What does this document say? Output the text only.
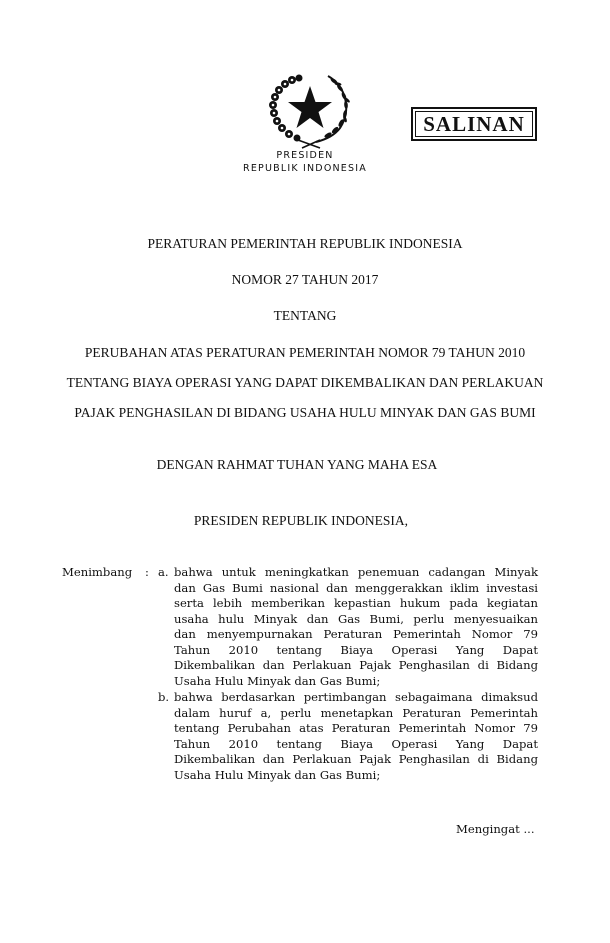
SALINAN
PRESIDEN
REPUBLIK INDONESIA
PERATURAN PEMERINTAH REPUBLIK INDONESIA
NOMOR 27 TAHUN 2017
TENTANG
PERUBAHAN ATAS PERATURAN PEMERINTAH NOMOR 79 TAHUN 2010
TENTANG BIAYA OPERASI YANG DAPAT DIKEMBALIKAN DAN PERLAKUAN
PAJAK PENGHASILAN DI BIDANG USAHA HULU MINYAK DAN GAS BUMI
DENGAN RAHMAT TUHAN YANG MAHA ESA
PRESIDEN REPUBLIK INDONESIA,
Menimbang : a. bahwa untuk meningkatkan penemuan cadangan Minyak
dan Gas Bumi nasional dan menggerakkan iklim investasi
serta lebih memberikan kepastian hukum pada kegiatan
usaha hulu Minyak dan Gas Bumi, perlu menyesuaikan
dan menyempurnakan Peraturan Pemerintah Nomor 79
Tahun 2010 tentang Biaya Operasi Yang Dapat
Dikembalikan dan Perlakuan Pajak Penghasilan di Bidang
Usaha Hulu Minyak dan Gas Bumi;
b. bahwa berdasarkan pertimbangan sebagaimana dimaksud
dalam huruf a, perlu menetapkan Peraturan Pemerintah
tentang Perubahan atas Peraturan Pemerintah Nomor 79
Tahun 2010 tentang Biaya Operasi Yang Dapat
Dikembalikan dan Perlakuan Pajak Penghasilan di Bidang
Usaha Hulu Minyak dan Gas Bumi;
Mengingat ...
